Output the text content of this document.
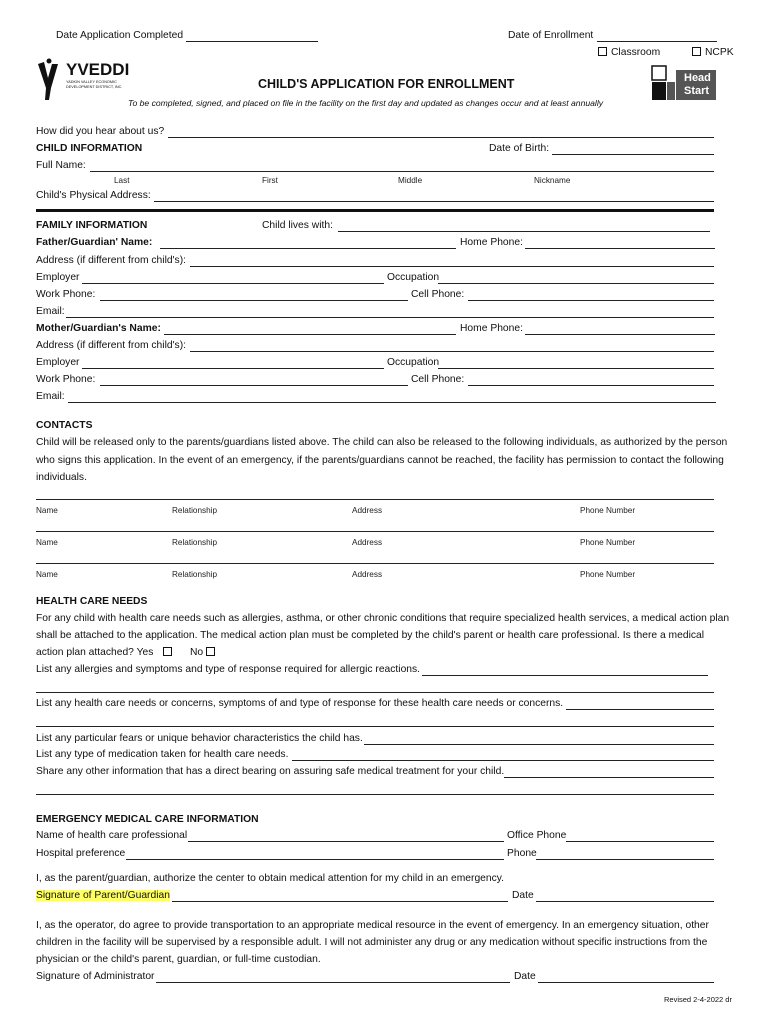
Date Application Completed	Date of Enrollment
Classroom	NCPK
YVEDDI
YADKIN VALLEY ECONOMIC DEVELOPMENT DISTRICT, INC.	CHILD'S APPLICATION FOR ENROLLMENT
To be completed, signed, and placed on file in the facility on the first day and updated as changes occur and at least annually
Head
Start
How did you hear about us?
CHILD INFORMATION	Date of Birth:
Full Name:
Last	First	Middle	Nickname
Child's Physical Address:
FAMILY INFORMATION	Child lives with:
Father/Guardian' Name:	Home Phone:
Address (if different from child's):
Employer	Occupation
Work Phone:	Cell Phone:
Email:
Mother/Guardian's Name:	Home Phone:
Address (if different from child's):
Employer	Occupation
Work Phone:	Cell Phone:
Email:
CONTACTS
Child will be released only to the parents/guardians listed above. The child can also be released to the following individuals, as authorized by the person
who signs this application. In the event of an emergency, if the parents/guardians cannot be reached, the facility has permission to contact the following
individuals.
Name	Relationship	Address	Phone Number
Name	Relationship	Address	Phone Number
Name	Relationship	Address	Phone Number
HEALTH CARE NEEDS
For any child with health care needs such as allergies, asthma, or other chronic conditions that require specialized health services, a medical action plan
shall be attached to the application. The medical action plan must be completed by the child's parent or health care professional. Is there a medical
action plan attached? Yes	No
List any allergies and symptoms and type of response required for allergic reactions.
List any health care needs or concerns, symptoms of and type of response for these health care needs or concerns.
List any particular fears or unique behavior characteristics the child has.
List any type of medication taken for health care needs.
Share any other information that has a direct bearing on assuring safe medical treatment for your child.
EMERGENCY MEDICAL CARE INFORMATION
Name of health care professional	Office Phone
Hospital preference	Phone
I, as the parent/guardian, authorize the center to obtain medical attention for my child in an emergency.
Signature of Parent/Guardian	Date
I, as the operator, do agree to provide transportation to an appropriate medical resource in the event of emergency. In an emergency situation, other
children in the facility will be supervised by a responsible adult. I will not administer any drug or any medication without specific instructions from the
physician or the child's parent, guardian, or full-time custodian.
Signature of Administrator	Date
Revised 2-4-2022 dr
